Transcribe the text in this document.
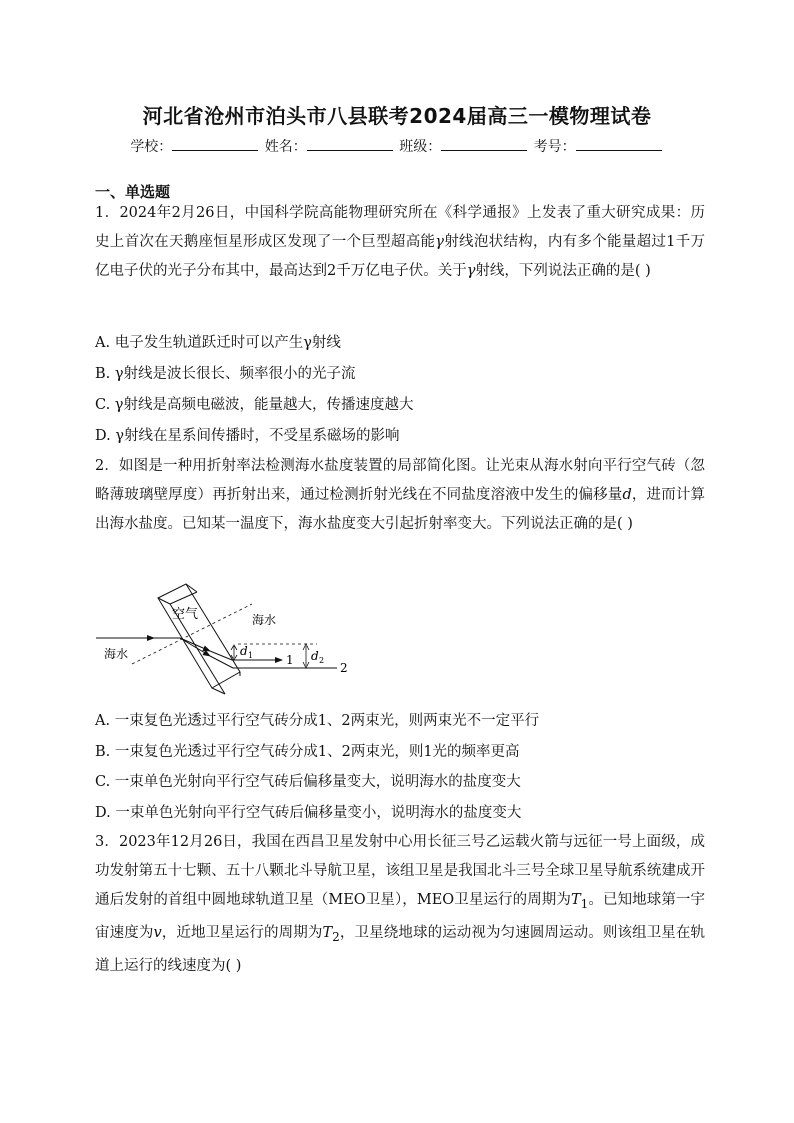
河北省沧州市泊头市八县联考2024届高三一模物理试卷
学校：	姓名：	班级：	考号：
一、单选题
1．2024年2月26日，中国科学院高能物理研究所在《科学通报》上发表了重大研究成果：历史上首次在天鹅座恒星形成区发现了一个巨型超高能γ射线泡状结构，内有多个能量超过1千万亿电子伏的光子分布其中，最高达到2千万亿电子伏。关于γ射线，下列说法正确的是( )
A. 电子发生轨道跃迁时可以产生γ射线
B. γ射线是波长很长、频率很小的光子流
C. γ射线是高频电磁波，能量越大，传播速度越大
D. γ射线在星系间传播时，不受星系磁场的影响
2．如图是一种用折射率法检测海水盐度装置的局部简化图。让光束从海水射向平行空气砖（忽略薄玻璃壁厚度）再折射出来，通过检测折射光线在不同盐度溶液中发生的偏移量d，进而计算出海水盐度。已知某一温度下，海水盐度变大引起折射率变大。下列说法正确的是( )
空气	海水
海水	d 1	d 2
1
2
A. 一束复色光透过平行空气砖分成1、2两束光，则两束光不一定平行
B. 一束复色光透过平行空气砖分成1、2两束光，则1光的频率更高
C. 一束单色光射向平行空气砖后偏移量变大，说明海水的盐度变大
D. 一束单色光射向平行空气砖后偏移量变小，说明海水的盐度变大
3．2023年12月26日，我国在西昌卫星发射中心用长征三号乙运载火箭与远征一号上面级，成功发射第五十七颗、五十八颗北斗导航卫星，该组卫星是我国北斗三号全球卫星导航系统建成开通后发射的首组中圆地球轨道卫星（MEO卫星），MEO卫星运行的周期为$T_1$。已知地球第一宇宙速度为v，近地卫星运行的周期为$T_2$，卫星绕地球的运动视为匀速圆周运动。则该组卫星在轨道上运行的线速度为( )
